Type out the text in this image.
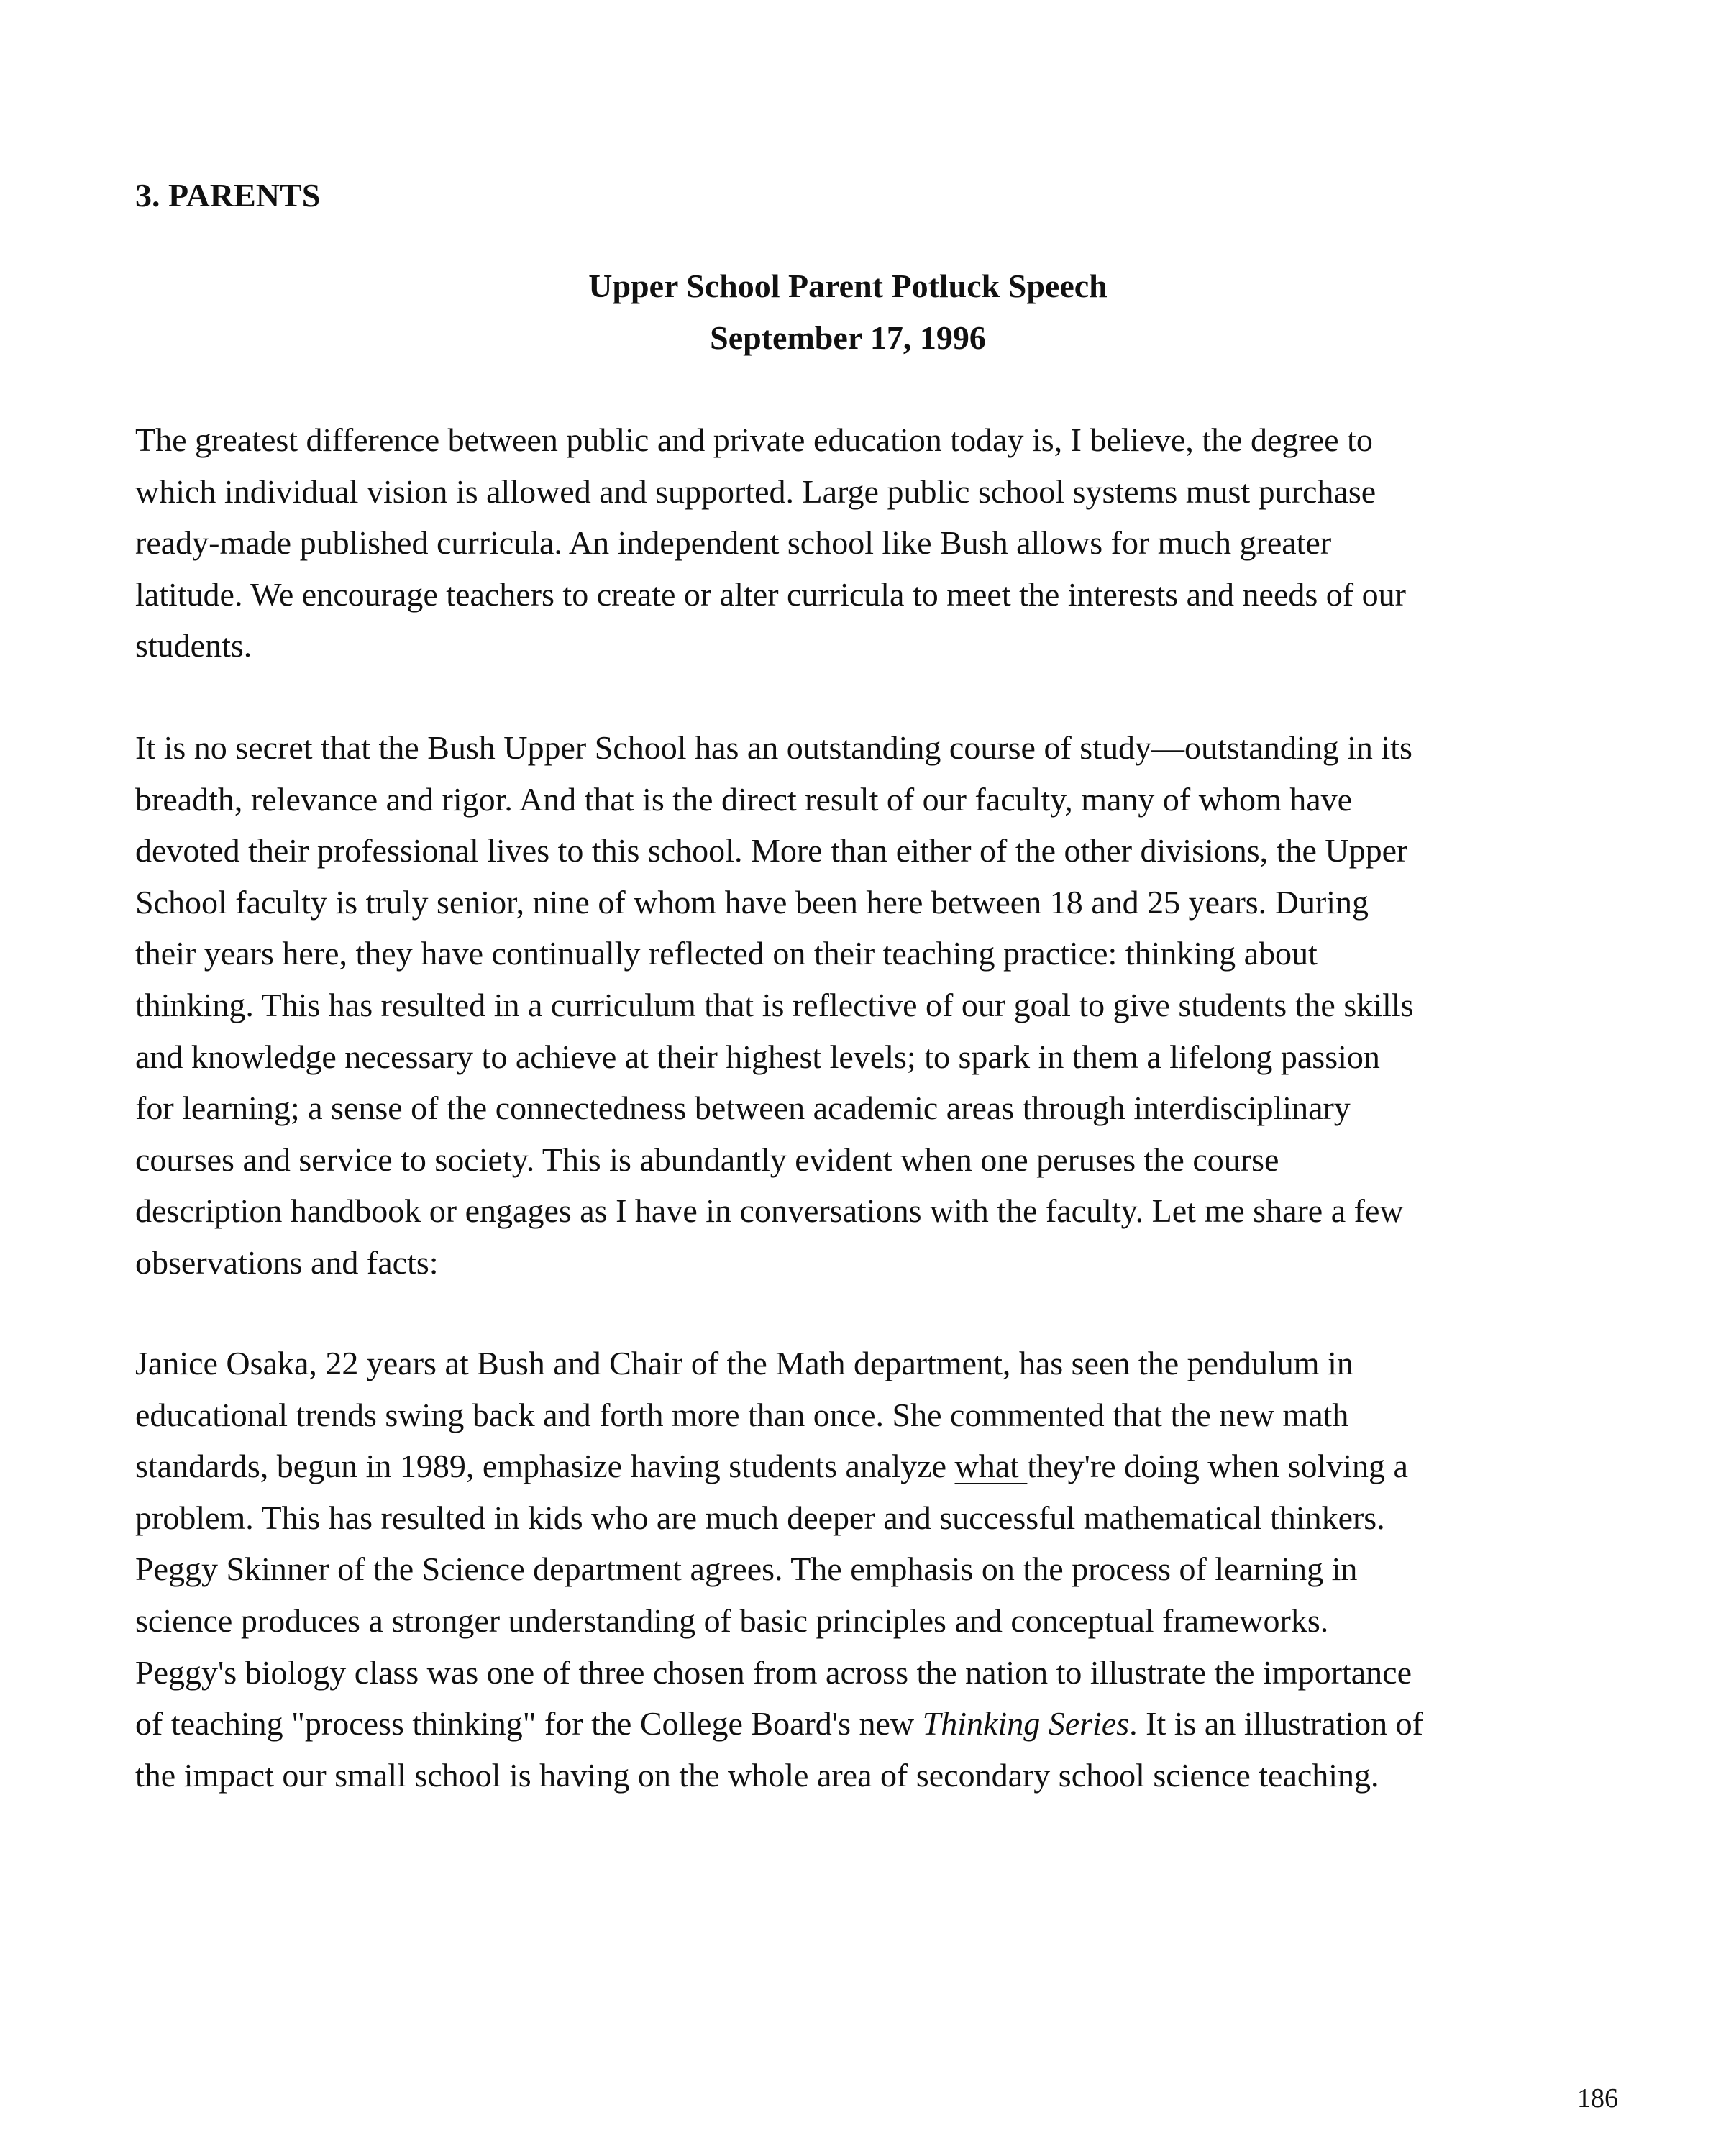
3. PARENTS
Upper School Parent Potluck Speech
September 17, 1996

The greatest difference between public and private education today is, I believe, the degree to
which individual vision is allowed and supported. Large public school systems must purchase
ready-made published curricula. An independent school like Bush allows for much greater
latitude. We encourage teachers to create or alter curricula to meet the interests and needs of our
students.

It is no secret that the Bush Upper School has an outstanding course of study—outstanding in its
breadth, relevance and rigor. And that is the direct result of our faculty, many of whom have
devoted their professional lives to this school. More than either of the other divisions, the Upper
School faculty is truly senior, nine of whom have been here between 18 and 25 years. During
their years here, they have continually reflected on their teaching practice: thinking about
thinking. This has resulted in a curriculum that is reflective of our goal to give students the skills
and knowledge necessary to achieve at their highest levels; to spark in them a lifelong passion
for learning; a sense of the connectedness between academic areas through interdisciplinary
courses and service to society. This is abundantly evident when one peruses the course
description handbook or engages as I have in conversations with the faculty. Let me share a few
observations and facts:

Janice Osaka, 22 years at Bush and Chair of the Math department, has seen the pendulum in
educational trends swing back and forth more than once. She commented that the new math
standards, begun in 1989, emphasize having students analyze what they're doing when solving a
problem. This has resulted in kids who are much deeper and successful mathematical thinkers.
Peggy Skinner of the Science department agrees. The emphasis on the process of learning in
science produces a stronger understanding of basic principles and conceptual frameworks.
Peggy's biology class was one of three chosen from across the nation to illustrate the importance
of teaching "process thinking" for the College Board's new Thinking Series. It is an illustration of
the impact our small school is having on the whole area of secondary school science teaching.

186
